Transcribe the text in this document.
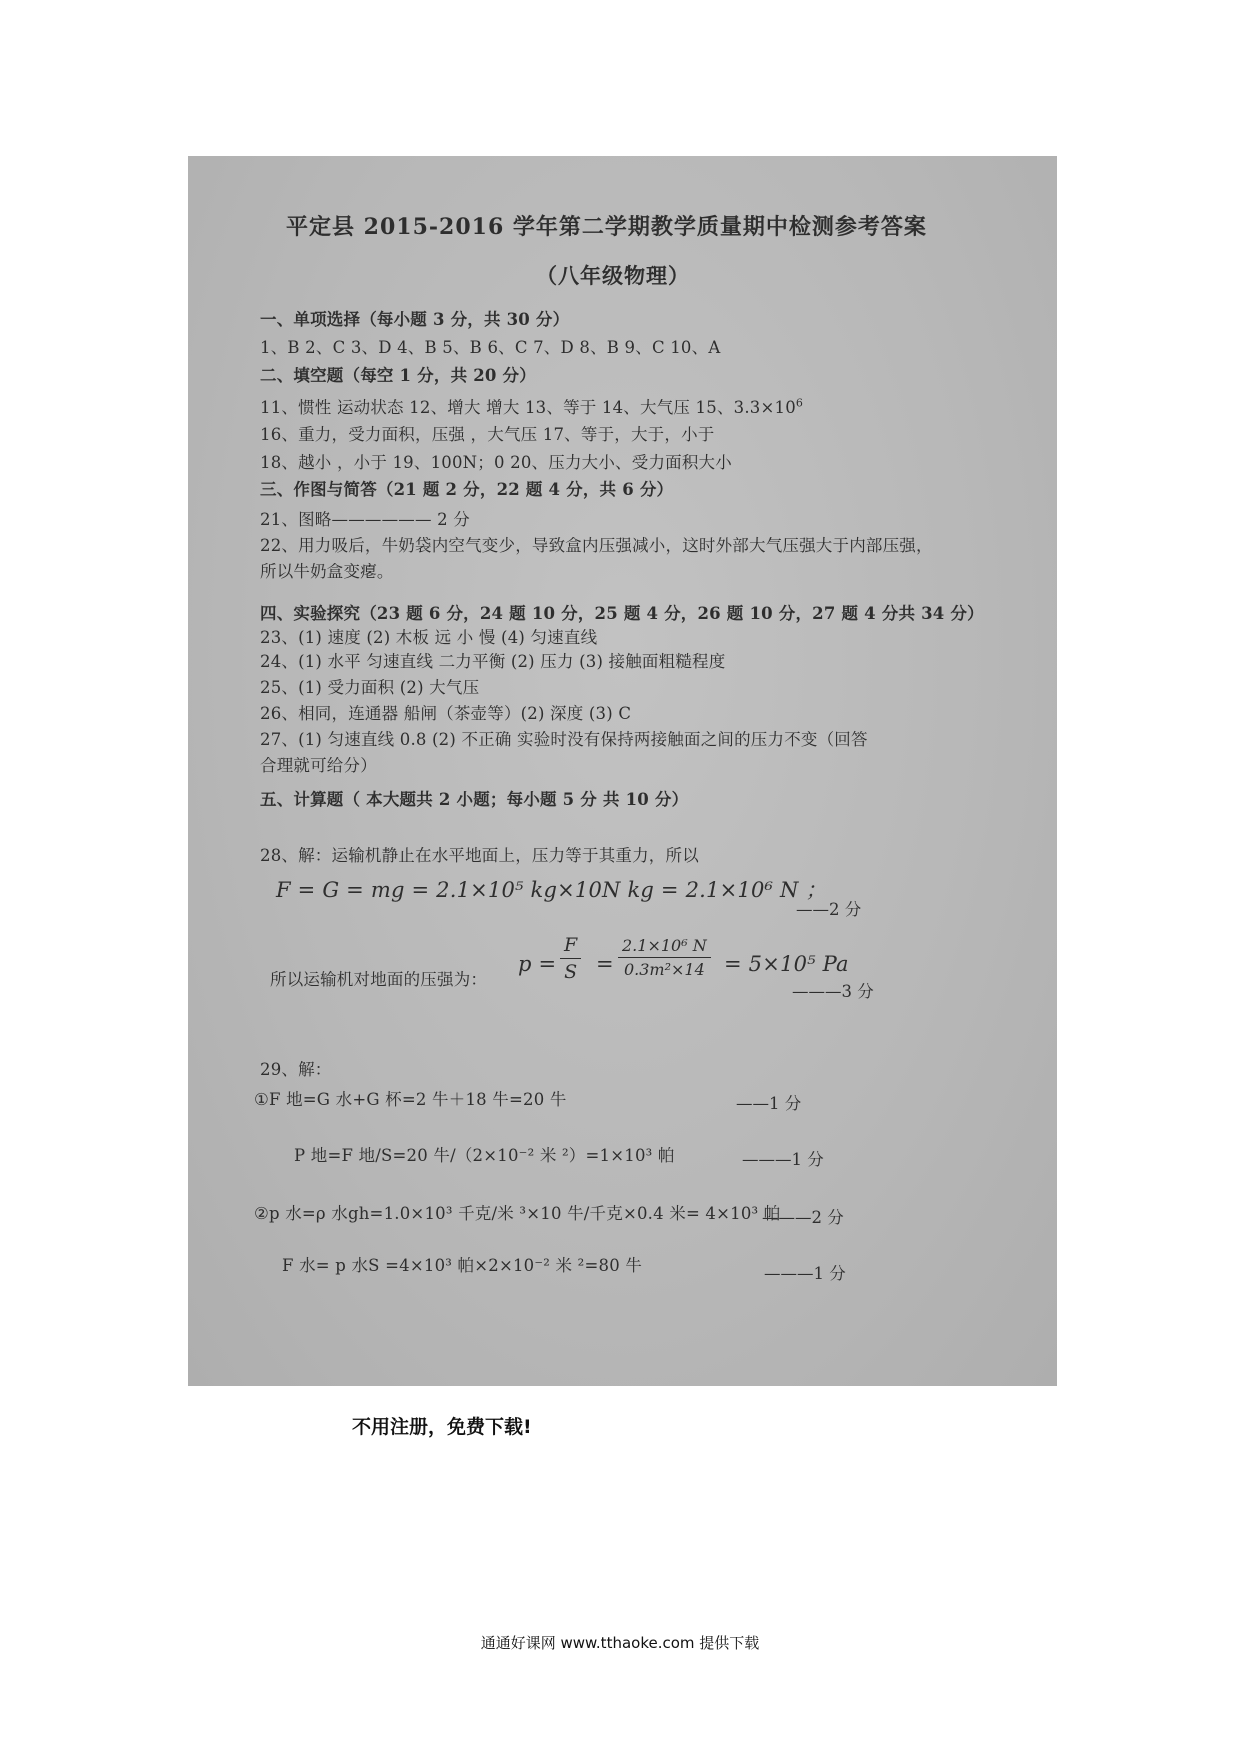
平定县 2015-2016 学年第二学期教学质量期中检测参考答案
（八年级物理）
一、单项选择（每小题 3 分，共 30 分）
1、B 2、C 3、D 4、B 5、B 6、C 7、D 8、B 9、C 10、A
二、填空题（每空 1 分，共 20 分）
11、惯性 运动状态 12、增大 增大 13、等于 14、大气压 15、$3.3\times 10^6$
16、重力，受力面积，压强 ，大气压 17、等于，大于，小于
18、越小 ，小于 19、100N；0 20、压力大小、受力面积大小
三、作图与简答（21 题 2 分，22 题 4 分，共 6 分）
21、图略—————— 2 分
22、用力吸后，牛奶袋内空气变少，导致盒内压强减小，这时外部大气压强大于内部压强，
所以牛奶盒变瘪。
四、实验探究（23 题 6 分，24 题 10 分，25 题 4 分，26 题 10 分，27 题 4 分共 34 分）
23、(1) 速度 (2) 木板 远 小 慢 (4) 匀速直线
24、(1) 水平 匀速直线 二力平衡 (2) 压力 (3) 接触面粗糙程度
25、(1) 受力面积 (2) 大气压
26、相同，连通器 船闸（茶壶等）(2) 深度 (3) C
27、(1) 匀速直线 0.8 (2) 不正确 实验时没有保持两接触面之间的压力不变（回答
合理就可给分）
五、计算题（ 本大题共 2 小题；每小题 5 分 共 10 分）
28、解：运输机静止在水平地面上，压力等于其重力，所以
F = G = mg = 2.1×10⁵ kg×10N kg = 2.1×10⁶ N ；
——2 分
所以运输机对地面的压强为：
$p = \frac{F}{S} = \frac{\text{2.1×10⁶ N}}{\text{0.3m²×14}} = 5\times 10^5$ Pa
———3 分
29、解：
①F 地=G 水+G 杯=2 牛＋18 牛=20 牛	——1 分
P 地=F 地/S=20 牛/（2×10⁻² 米 ²）=1×10³ 帕	———1 分
②p 水=ρ 水gh=1.0×10³ 千克/米 ³×10 牛/千克×0.4 米= 4×10³ 帕
———2 分
F 水= p 水S =4×10³ 帕×2×10⁻² 米 ²=80 牛	———1 分
不用注册，免费下载!
通通好课网 www.tthaoke.com 提供下载
